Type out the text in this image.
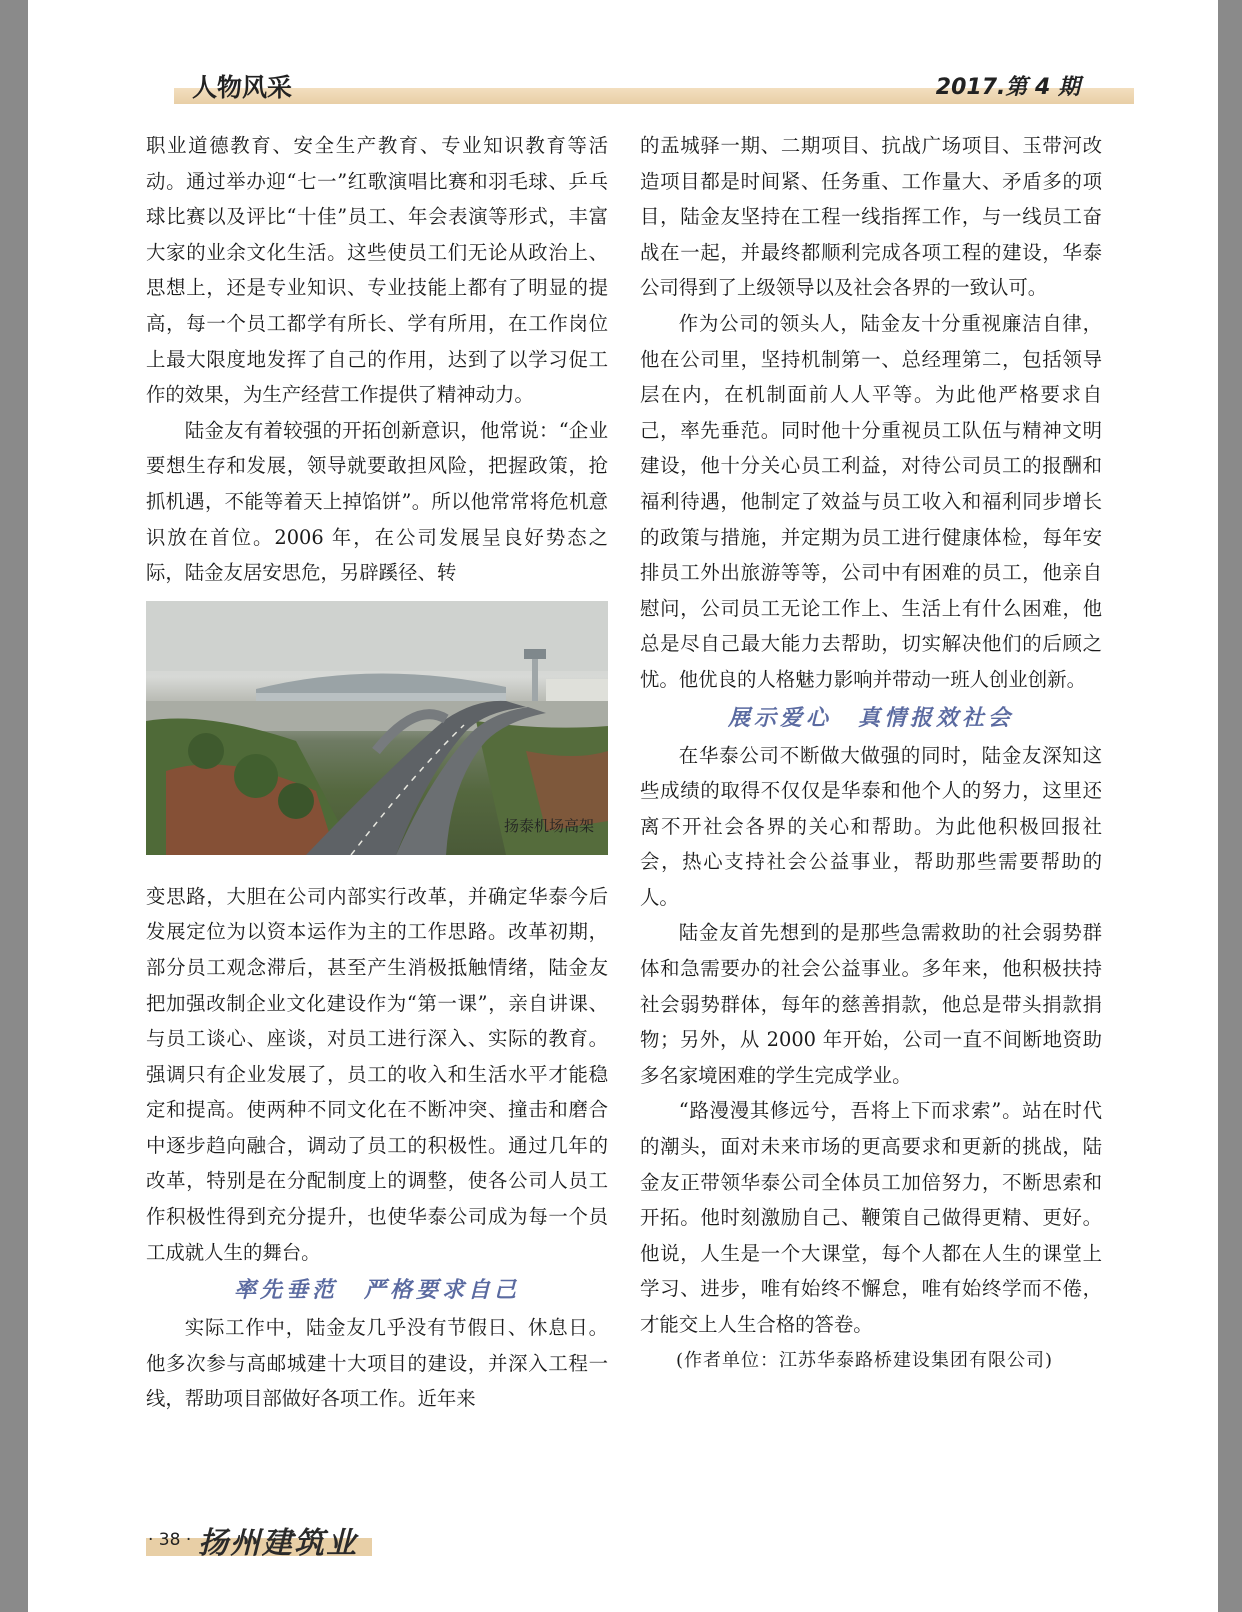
人物风采	2017.第 4 期

职业道德教育、安全生产教育、专业知识教育等活动。通过举办迎“七一”红歌演唱比赛和羽毛球、乒乓球比赛以及评比“十佳”员工、年会表演等形式，丰富大家的业余文化生活。这些使员工们无论从政治上、思想上，还是专业知识、专业技能上都有了明显的提高，每一个员工都学有所长、学有所用，在工作岗位上最大限度地发挥了自己的作用，达到了以学习促工作的效果，为生产经营工作提供了精神动力。

陆金友有着较强的开拓创新意识，他常说：“企业要想生存和发展，领导就要敢担风险，把握政策，抢抓机遇，不能等着天上掉馅饼”。所以他常常将危机意识放在首位。2006 年，在公司发展呈良好势态之际，陆金友居安思危，另辟蹊径、转

扬泰机场高架

变思路，大胆在公司内部实行改革，并确定华泰今后发展定位为以资本运作为主的工作思路。改革初期，部分员工观念滞后，甚至产生消极抵触情绪，陆金友把加强改制企业文化建设作为“第一课”，亲自讲课、与员工谈心、座谈，对员工进行深入、实际的教育。强调只有企业发展了，员工的收入和生活水平才能稳定和提高。使两种不同文化在不断冲突、撞击和磨合中逐步趋向融合，调动了员工的积极性。通过几年的改革，特别是在分配制度上的调整，使各公司人员工作积极性得到充分提升，也使华泰公司成为每一个员工成就人生的舞台。

率先垂范　严格要求自己

实际工作中，陆金友几乎没有节假日、休息日。他多次参与高邮城建十大项目的建设，并深入工程一线，帮助项目部做好各项工作。近年来

的盂城驿一期、二期项目、抗战广场项目、玉带河改造项目都是时间紧、任务重、工作量大、矛盾多的项目，陆金友坚持在工程一线指挥工作，与一线员工奋战在一起，并最终都顺利完成各项工程的建设，华泰公司得到了上级领导以及社会各界的一致认可。

作为公司的领头人，陆金友十分重视廉洁自律，他在公司里，坚持机制第一、总经理第二，包括领导层在内，在机制面前人人平等。为此他严格要求自己，率先垂范。同时他十分重视员工队伍与精神文明建设，他十分关心员工利益，对待公司员工的报酬和福利待遇，他制定了效益与员工收入和福利同步增长的政策与措施，并定期为员工进行健康体检，每年安排员工外出旅游等等，公司中有困难的员工，他亲自慰问，公司员工无论工作上、生活上有什么困难，他总是尽自己最大能力去帮助，切实解决他们的后顾之忧。他优良的人格魅力影响并带动一班人创业创新。

展示爱心　真情报效社会

在华泰公司不断做大做强的同时，陆金友深知这些成绩的取得不仅仅是华泰和他个人的努力，这里还离不开社会各界的关心和帮助。为此他积极回报社会，热心支持社会公益事业，帮助那些需要帮助的人。

陆金友首先想到的是那些急需救助的社会弱势群体和急需要办的社会公益事业。多年来，他积极扶持社会弱势群体，每年的慈善捐款，他总是带头捐款捐物；另外，从 2000 年开始，公司一直不间断地资助多名家境困难的学生完成学业。

“路漫漫其修远兮，吾将上下而求索”。站在时代的潮头，面对未来市场的更高要求和更新的挑战，陆金友正带领华泰公司全体员工加倍努力，不断思索和开拓。他时刻激励自己、鞭策自己做得更精、更好。他说，人生是一个大课堂，每个人都在人生的课堂上学习、进步，唯有始终不懈怠，唯有始终学而不倦，才能交上人生合格的答卷。

(作者单位：江苏华泰路桥建设集团有限公司)

· 38 · 扬州建筑业
